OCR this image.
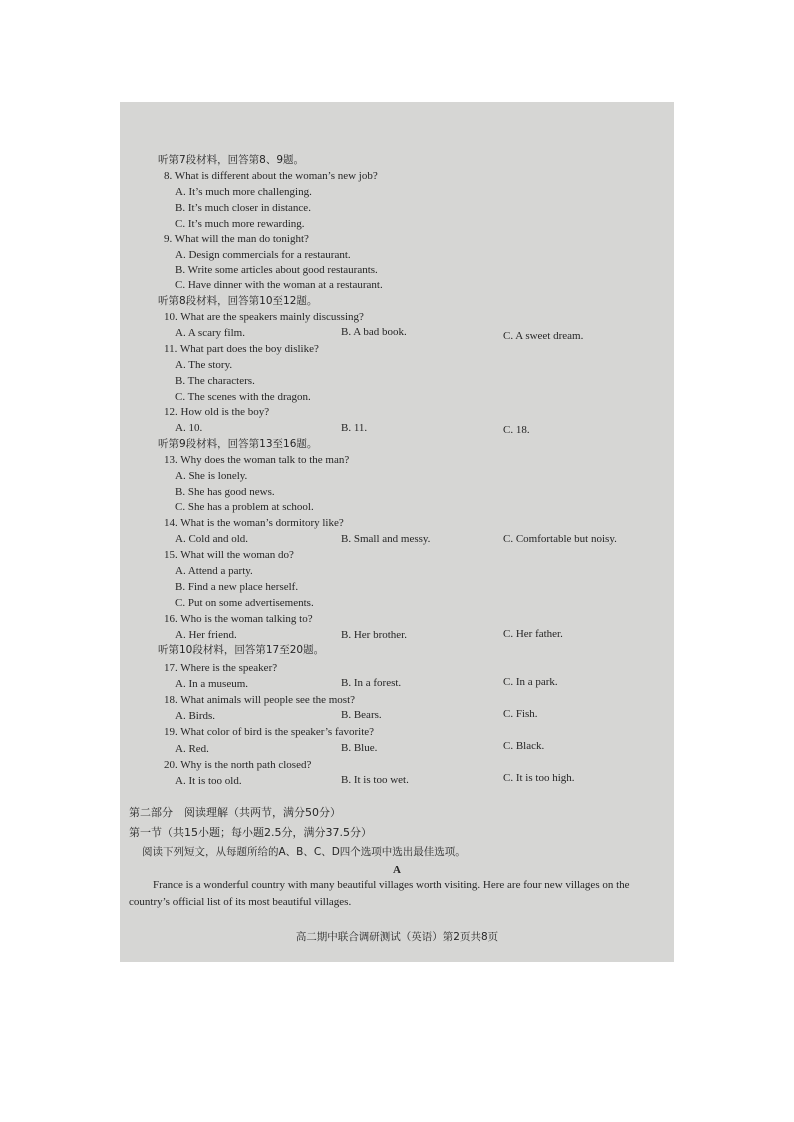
听第7段材料，回答第8、9题。
8. What is different about the woman’s new job?
A. It’s much more challenging.
B. It’s much closer in distance.
C. It’s much more rewarding.
9. What will the man do tonight?
A. Design commercials for a restaurant.
B. Write some articles about good restaurants.
C. Have dinner with the woman at a restaurant.
听第8段材料，回答第10至12题。
10. What are the speakers mainly discussing?
A. A scary film.	B. A bad book.	C. A sweet dream.
11. What part does the boy dislike?
A. The story.
B. The characters.
C. The scenes with the dragon.
12. How old is the boy?
A. 10.	B. 11.	C. 18.
听第9段材料，回答第13至16题。
13. Why does the woman talk to the man?
A. She is lonely.
B. She has good news.
C. She has a problem at school.
14. What is the woman’s dormitory like?
A. Cold and old.	B. Small and messy.	C. Comfortable but noisy.
15. What will the woman do?
A. Attend a party.
B. Find a new place herself.
C. Put on some advertisements.
16. Who is the woman talking to?
A. Her friend.	B. Her brother.	C. Her father.
听第10段材料，回答第17至20题。
17. Where is the speaker?
A. In a museum.	B. In a forest.	C. In a park.
18. What animals will people see the most?
A. Birds.	B. Bears.	C. Fish.
19. What color of bird is the speaker’s favorite?
A. Red.	B. Blue.	C. Black.
20. Why is the north path closed?
A. It is too old.	B. It is too wet.	C. It is too high.
第二部分　阅读理解（共两节，满分50分）
第一节（共15小题；每小题2.5分，满分37.5分）
阅读下列短文，从每题所给的A、B、C、D四个选项中选出最佳选项。
A
France is a wonderful country with many beautiful villages worth visiting. Here are four new villages on the country’s official list of its most beautiful villages.
高二期中联合调研测试（英语）第2页共8页
